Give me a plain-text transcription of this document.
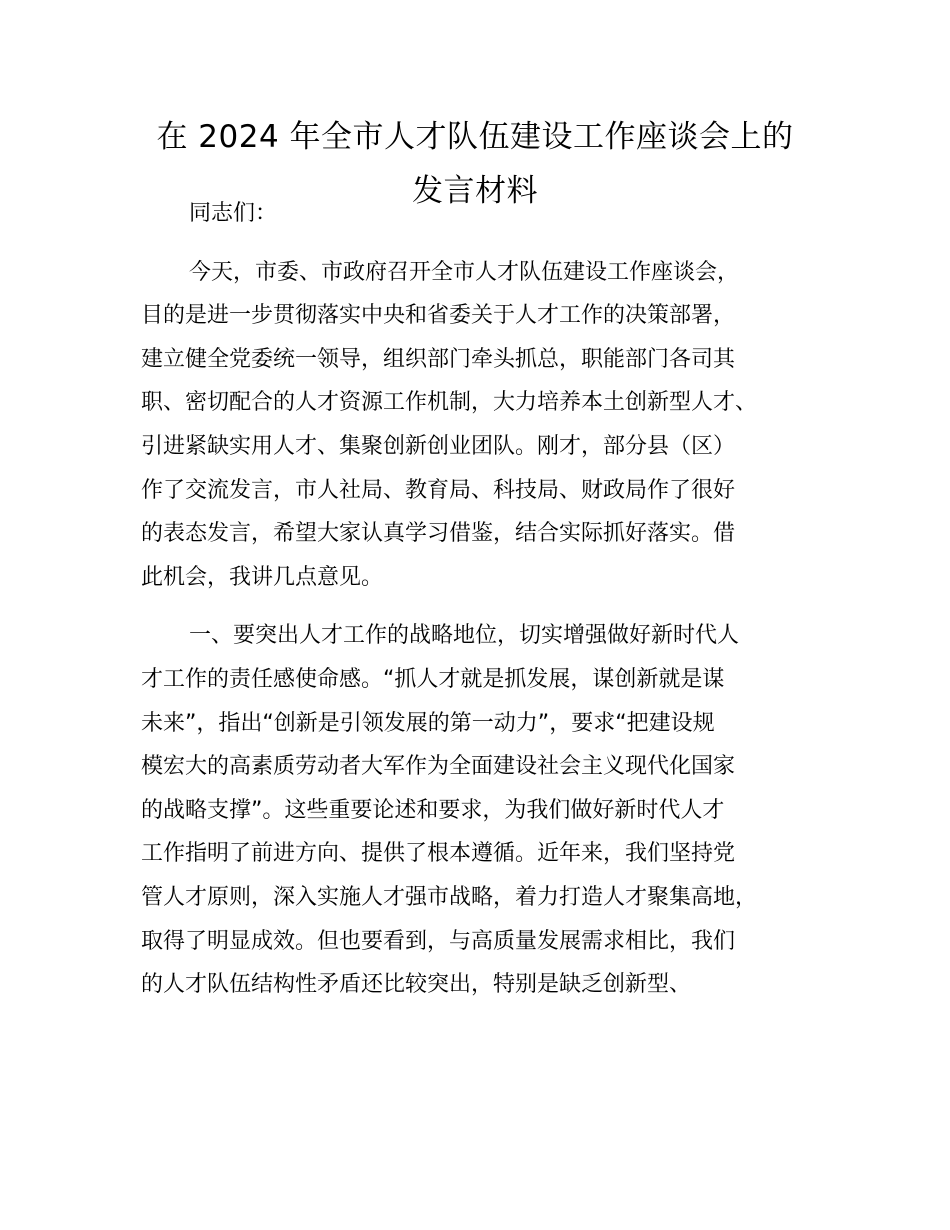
在 2024 年全市人才队伍建设工作座谈会上的
发言材料
同志们：
今天，市委、市政府召开全市人才队伍建设工作座谈会，
目的是进一步贯彻落实中央和省委关于人才工作的决策部署，
建立健全党委统一领导，组织部门牵头抓总，职能部门各司其
职、密切配合的人才资源工作机制，大力培养本土创新型人才、
引进紧缺实用人才、集聚创新创业团队。刚才，部分县（区）
作了交流发言，市人社局、教育局、科技局、财政局作了很好
的表态发言，希望大家认真学习借鉴，结合实际抓好落实。借
此机会，我讲几点意见。
一、要突出人才工作的战略地位，切实增强做好新时代人
才工作的责任感使命感。“抓人才就是抓发展，谋创新就是谋
未来”，指出“创新是引领发展的第一动力”，要求“把建设规
模宏大的高素质劳动者大军作为全面建设社会主义现代化国家
的战略支撑”。这些重要论述和要求，为我们做好新时代人才
工作指明了前进方向、提供了根本遵循。近年来，我们坚持党
管人才原则，深入实施人才强市战略，着力打造人才聚集高地，
取得了明显成效。但也要看到，与高质量发展需求相比，我们
的人才队伍结构性矛盾还比较突出，特别是缺乏创新型、
